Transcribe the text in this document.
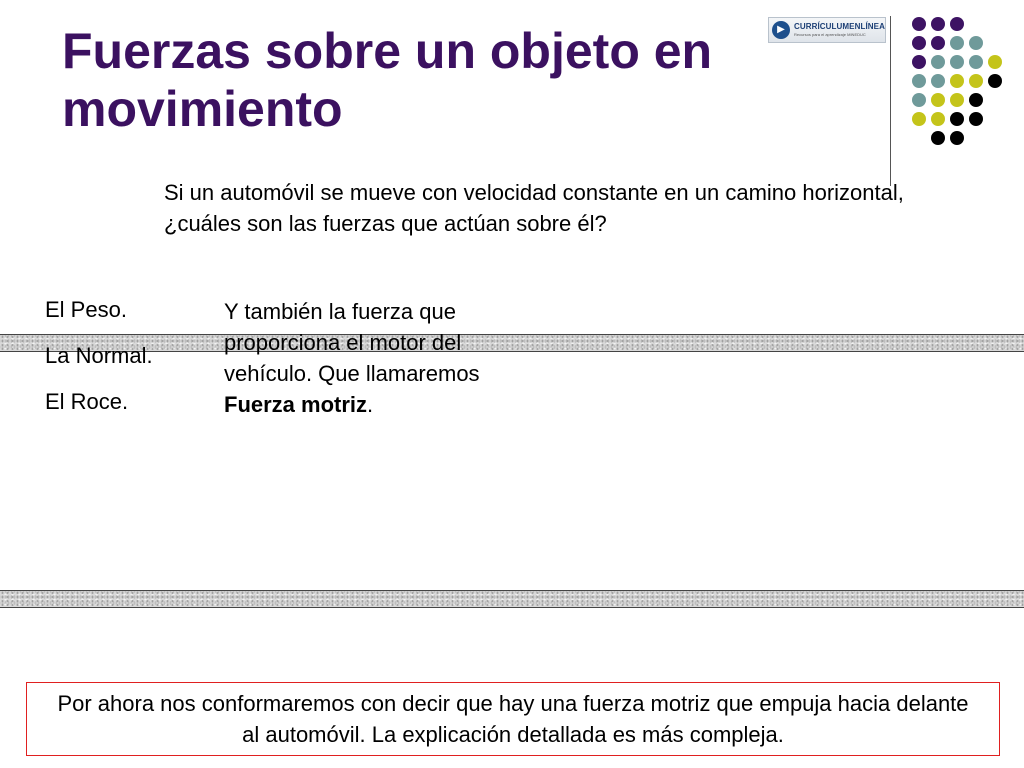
Fuerzas sobre un objeto en movimiento
▶	CURRÍCULUMENLÍNEA
Recursos para el aprendizaje MINEDUC

Si un automóvil se mueve con velocidad constante en un camino horizontal, ¿cuáles son las fuerzas que actúan sobre él?

El Peso.

La Normal.

El Roce.

Y también la fuerza que proporciona el motor del vehículo. Que llamaremos Fuerza motriz.

Por ahora nos conformaremos con decir que hay una fuerza motriz que empuja hacia delante al automóvil. La explicación detallada es más compleja.
